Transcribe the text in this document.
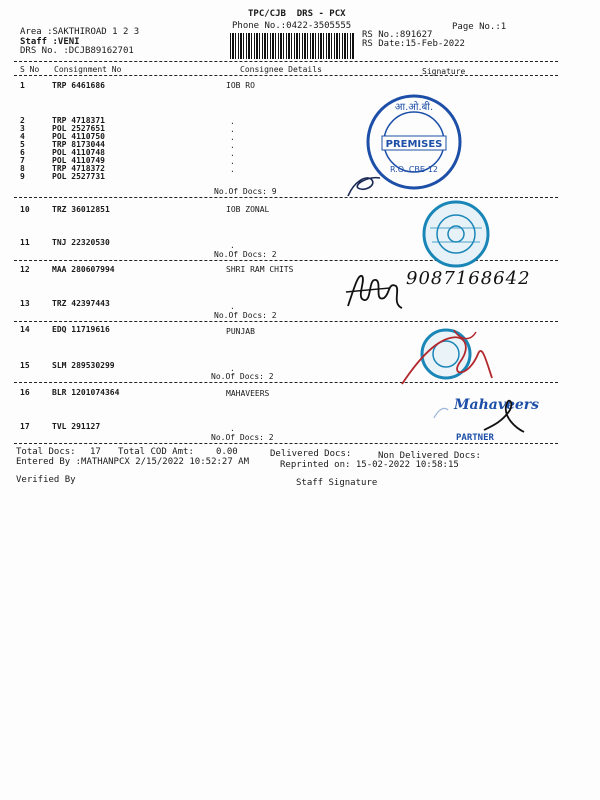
TPC/CJB  DRS - PCX
Phone No.:0422-3505555
Area :SAKTHIROAD 1 2 3
Staff :VENI
DRS No. :DCJB89162701
Page No.:1
RS No.:891627
RS Date:15-Feb-2022
S No Consignment No	Consignee Details	Signature
1	TRP 6461686	IOB RO
2	TRP 4718371
3	POL 2527651
4	POL 4110750
5	TRP 8173044
6	POL 4110748
7	POL 4110749
8	TRP 4718372
9	POL 2527731
.
.
.
.
.
.
.
No.Of Docs: 9
10	TRZ 36012851	IOB ZONAL
11	TNJ 22320530	.
No.Of Docs: 2
12	MAA 280607994	SHRI RAM CHITS
13	TRZ 42397443	.
No.Of Docs: 2
14	EDQ 11719616	PUNJAB
15	SLM 289530299	.
No.Of Docs: 2
16	BLR 1201074364	MAHAVEERS
17	TVL 291127	.
No.Of Docs: 2
Total Docs: 17 Total COD Amt: 0.00	Delivered Docs:	Non Delivered Docs:
Entered By :MATHANPCX 2/15/2022 10:52:27 AM	Reprinted on: 15-02-2022 10:58:15
Verified By	Staff Signature
आ.ओ.बी.
PREMISES
R.O. CBE-12
9087168642
Mahaveers
PARTNER
